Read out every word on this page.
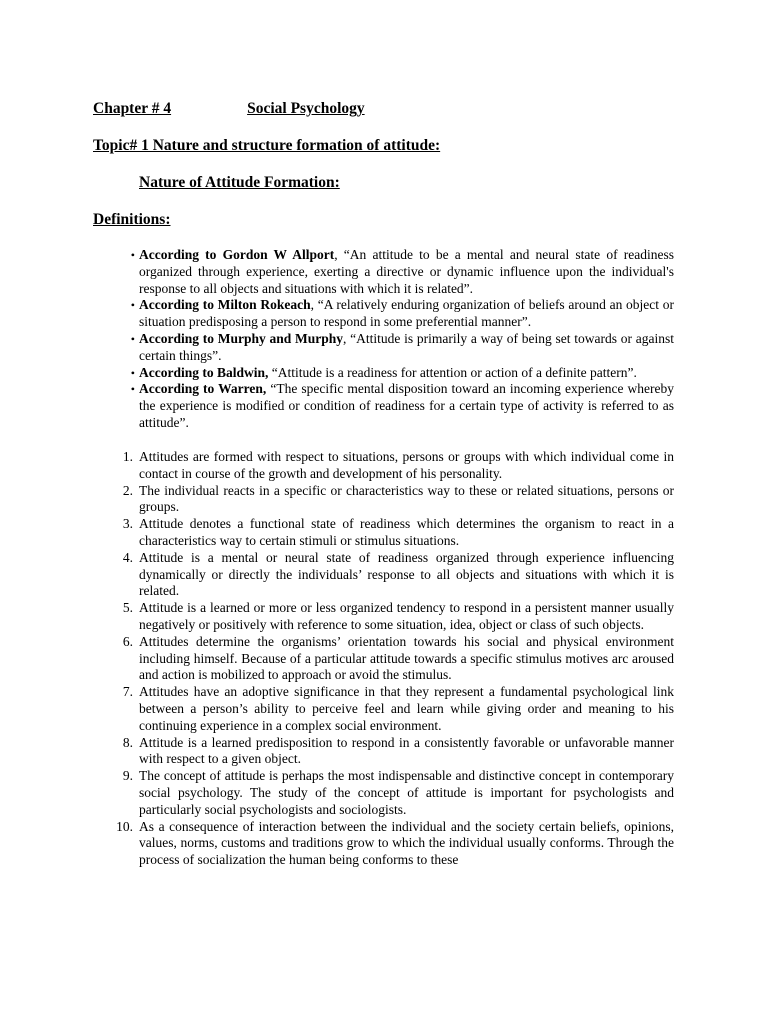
Chapter # 4	Social Psychology
Topic# 1 Nature and structure formation of attitude:
Nature of Attitude Formation:
Definitions:
• According to Gordon W Allport, “An attitude to be a mental and neural state of readiness organized through experience, exerting a directive or dynamic influence upon the individual's response to all objects and situations with which it is related”.
• According to Milton Rokeach, “A relatively enduring organization of beliefs around an object or situation predisposing a person to respond in some preferential manner”.
• According to Murphy and Murphy, “Attitude is primarily a way of being set towards or against certain things”.
• According to Baldwin, “Attitude is a readiness for attention or action of a definite pattern”.
• According to Warren, “The specific mental disposition toward an incoming experience whereby the experience is modified or condition of readiness for a certain type of activity is referred to as attitude”.
1. Attitudes are formed with respect to situations, persons or groups with which individual come in contact in course of the growth and development of his personality.
2. The individual reacts in a specific or characteristics way to these or related situations, persons or groups.
3. Attitude denotes a functional state of readiness which determines the organism to react in a characteristics way to certain stimuli or stimulus situations.
4. Attitude is a mental or neural state of readiness organized through experience influencing dynamically or directly the individuals’ response to all objects and situations with which it is related.
5. Attitude is a learned or more or less organized tendency to respond in a persistent manner usually negatively or positively with reference to some situation, idea, object or class of such objects.
6. Attitudes determine the organisms’ orientation towards his social and physical environment including himself. Because of a particular attitude towards a specific stimulus motives arc aroused and action is mobilized to approach or avoid the stimulus.
7. Attitudes have an adoptive significance in that they represent a fundamental psychological link between a person’s ability to perceive feel and learn while giving order and meaning to his continuing experience in a complex social environment.
8. Attitude is a learned predisposition to respond in a consistently favorable or unfavorable manner with respect to a given object.
9. The concept of attitude is perhaps the most indispensable and distinctive concept in contemporary social psychology. The study of the concept of attitude is important for psychologists and particularly social psychologists and sociologists.
10. As a consequence of interaction between the individual and the society certain beliefs, opinions, values, norms, customs and traditions grow to which the individual usually conforms. Through the process of socialization the human being conforms to these
